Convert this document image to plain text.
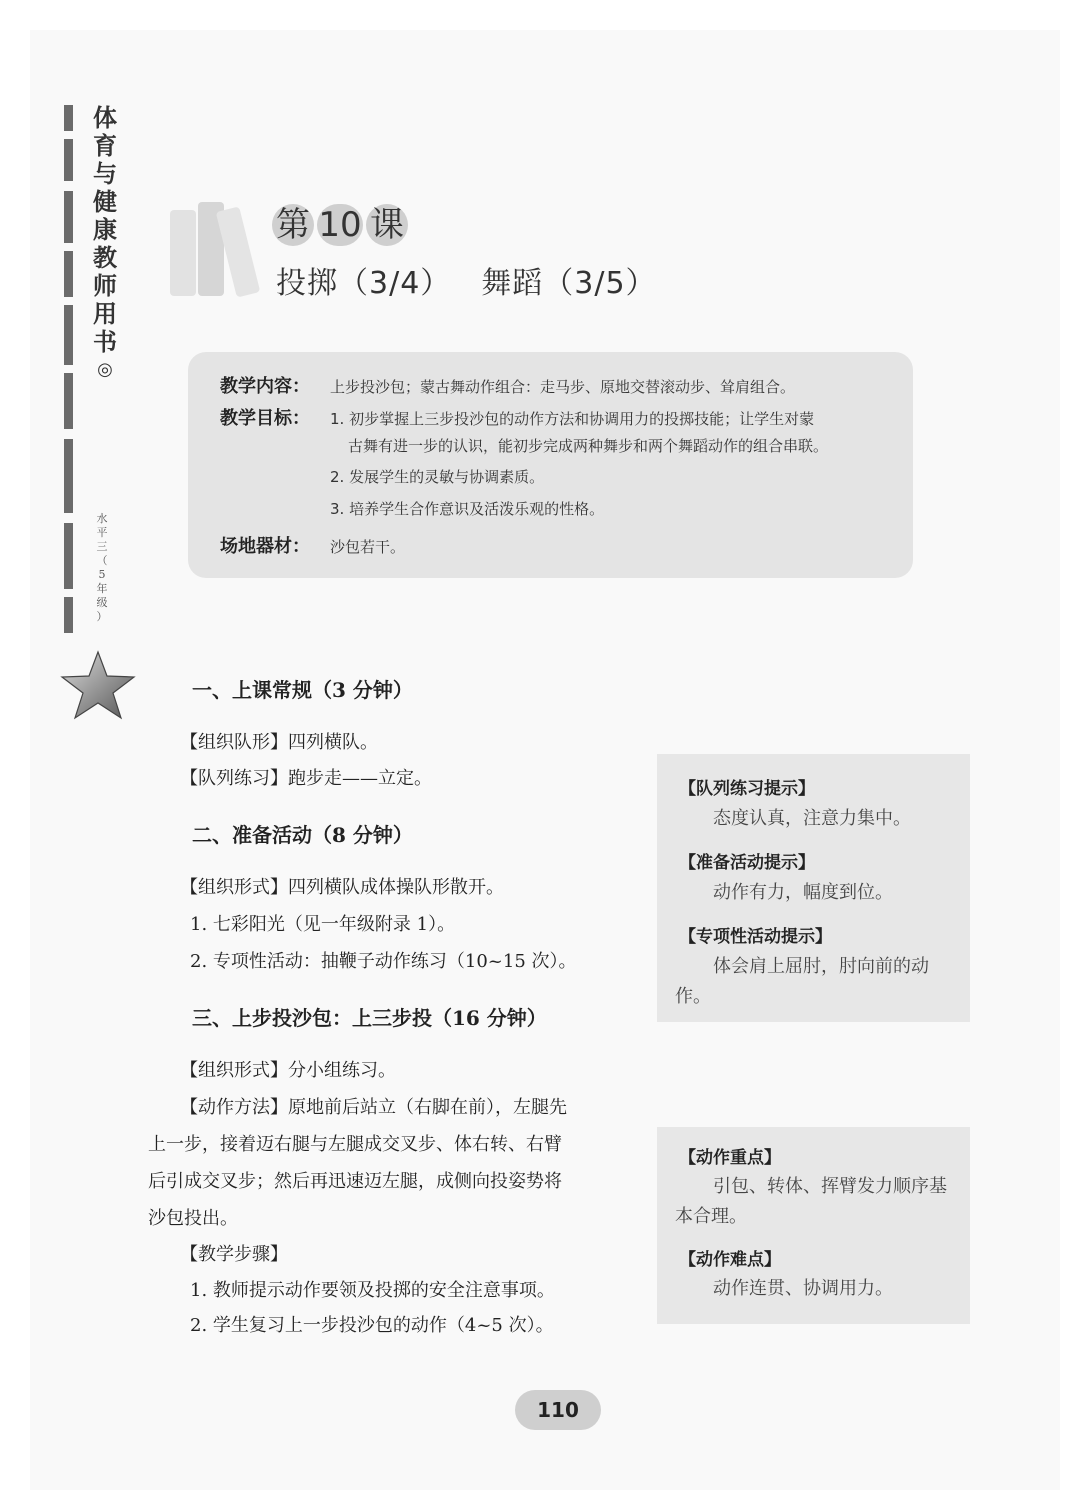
体
育
与
健
康
教
师
用
书
◎
水
平
三
（
5
年
级
）
第 10 课
投掷（3/4） 舞蹈（3/5）
教学内容：	上步投沙包；蒙古舞动作组合：走马步、原地交替滚动步、耸肩组合。
教学目标：	1. 初步掌握上三步投沙包的动作方法和协调用力的投掷技能；让学生对蒙
古舞有进一步的认识，能初步完成两种舞步和两个舞蹈动作的组合串联。
2. 发展学生的灵敏与协调素质。
3. 培养学生合作意识及活泼乐观的性格。
场地器材：	沙包若干。
一、上课常规（3 分钟）
【组织队形】四列横队。
【队列练习】跑步走——立定。
二、准备活动（8 分钟）
【组织形式】四列横队成体操队形散开。
1. 七彩阳光（见一年级附录 1）。
2. 专项性活动：抽鞭子动作练习（10~15 次）。
三、上步投沙包：上三步投（16 分钟）
【组织形式】分小组练习。
【动作方法】原地前后站立（右脚在前），左腿先
上一步，接着迈右腿与左腿成交叉步、体右转、右臂
后引成交叉步；然后再迅速迈左腿，成侧向投姿势将
沙包投出。
【教学步骤】
1. 教师提示动作要领及投掷的安全注意事项。
2. 学生复习上一步投沙包的动作（4~5 次）。
【队列练习提示】
态度认真，注意力集中。
【准备活动提示】
动作有力，幅度到位。
【专项性活动提示】
体会肩上屈肘，肘向前的动作。
【动作重点】
引包、转体、挥臂发力顺序基本合理。
【动作难点】
动作连贯、协调用力。
110
